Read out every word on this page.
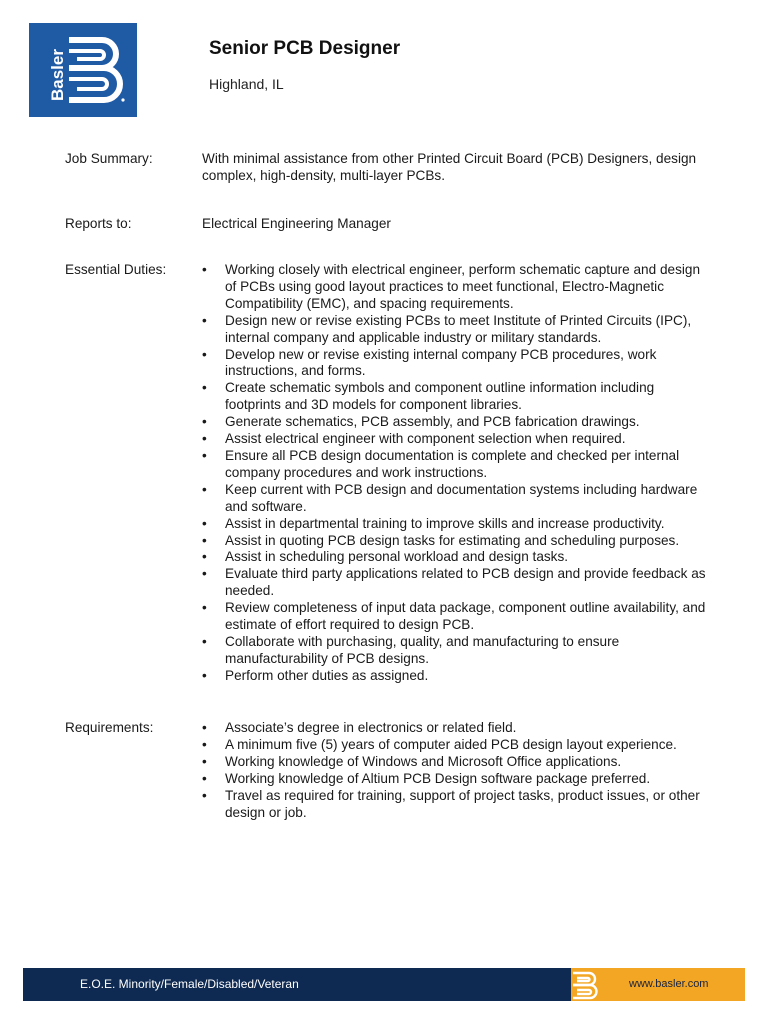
Basler
Senior PCB Designer
Highland, IL
Job Summary:	With minimal assistance from other Printed Circuit Board (PCB) Designers, design complex, high-density, multi-layer PCBs.
Reports to:	Electrical Engineering Manager
Essential Duties:	• Working closely with electrical engineer, perform schematic capture and design of PCBs using good layout practices to meet functional, Electro-Magnetic Compatibility (EMC), and spacing requirements.
• Design new or revise existing PCBs to meet Institute of Printed Circuits (IPC), internal company and applicable industry or military standards.
• Develop new or revise existing internal company PCB procedures, work instructions, and forms.
• Create schematic symbols and component outline information including footprints and 3D models for component libraries.
• Generate schematics, PCB assembly, and PCB fabrication drawings.
• Assist electrical engineer with component selection when required.
• Ensure all PCB design documentation is complete and checked per internal company procedures and work instructions.
• Keep current with PCB design and documentation systems including hardware and software.
• Assist in departmental training to improve skills and increase productivity.
• Assist in quoting PCB design tasks for estimating and scheduling purposes.
• Assist in scheduling personal workload and design tasks.
• Evaluate third party applications related to PCB design and provide feedback as needed.
• Review completeness of input data package, component outline availability, and estimate of effort required to design PCB.
• Collaborate with purchasing, quality, and manufacturing to ensure manufacturability of PCB designs.
• Perform other duties as assigned.
Requirements:	• Associate’s degree in electronics or related field.
• A minimum five (5) years of computer aided PCB design layout experience.
• Working knowledge of Windows and Microsoft Office applications.
• Working knowledge of Altium PCB Design software package preferred.
• Travel as required for training, support of project tasks, product issues, or other design or job.
E.O.E. Minority/Female/Disabled/Veteran	www.basler.com
